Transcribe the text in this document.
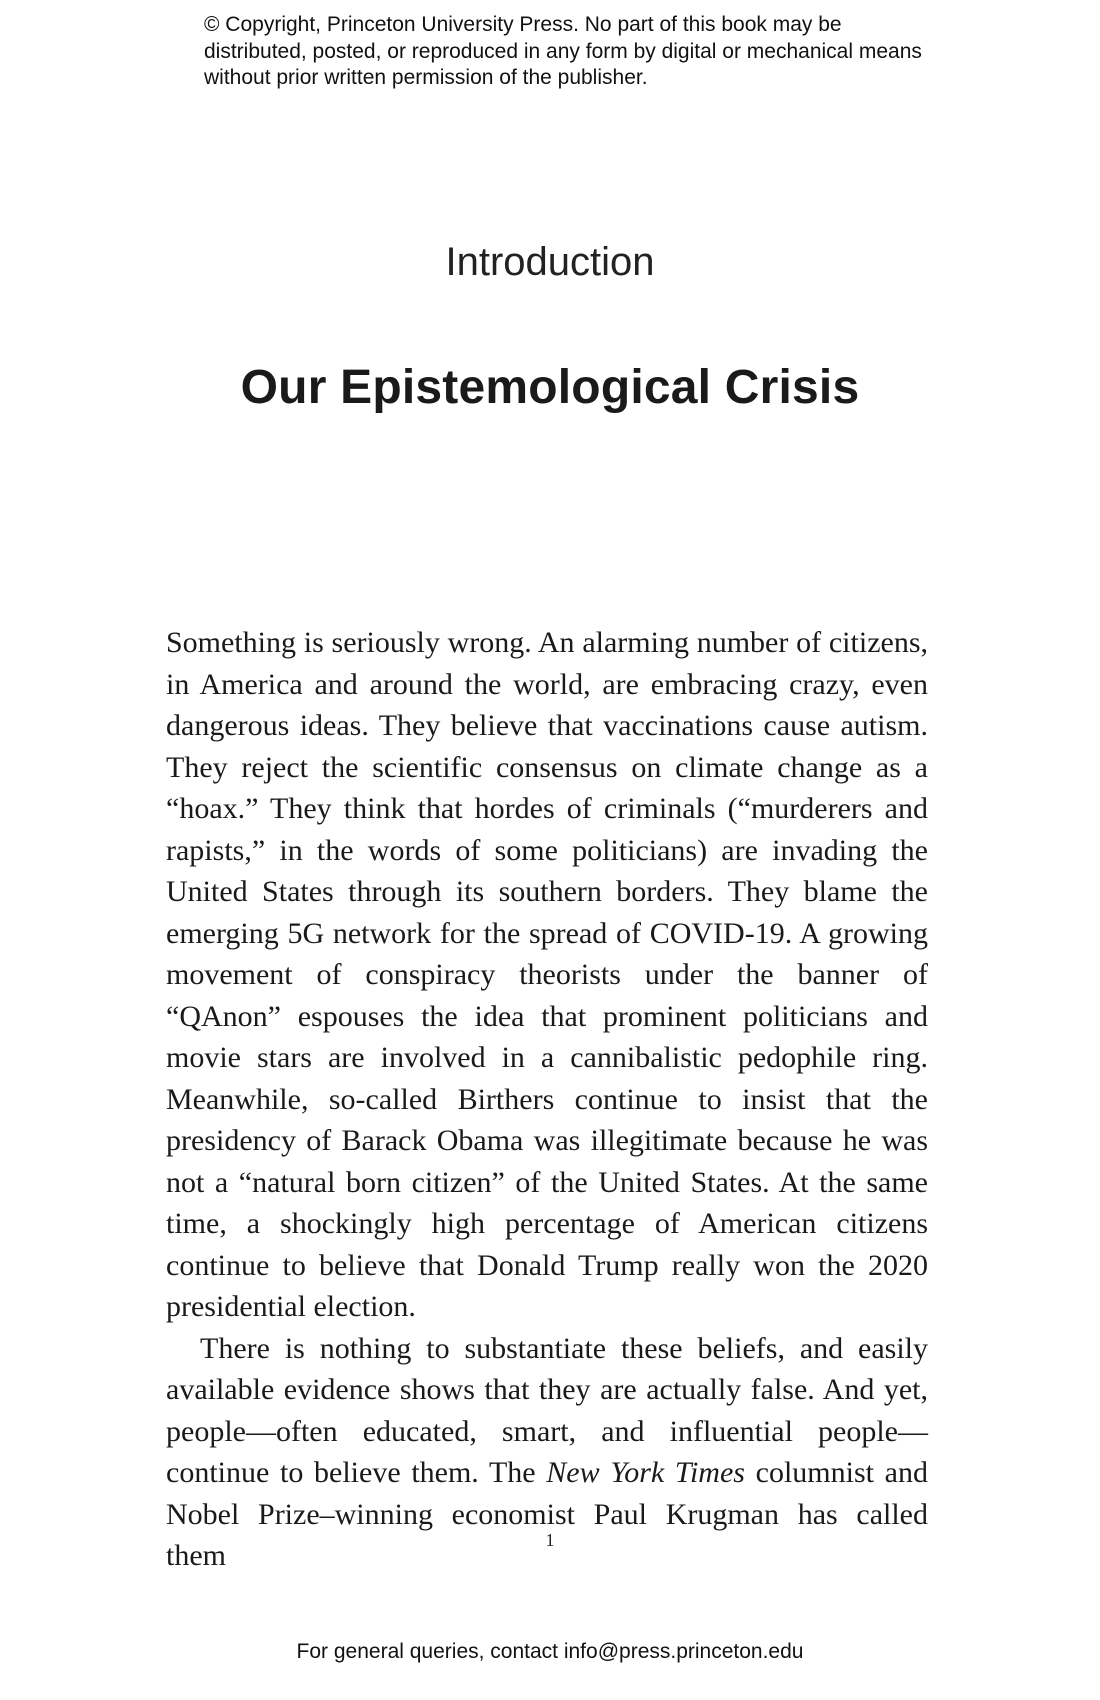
© Copyright, Princeton University Press. No part of this book may be distributed, posted, or reproduced in any form by digital or mechanical means without prior written permission of the publisher.

Introduction
Our Epistemological Crisis

Something is seriously wrong. An alarming number of citizens, in America and around the world, are embracing crazy, even dangerous ideas. They believe that vaccinations cause autism. They reject the scientific consensus on climate change as a “hoax.” They think that hordes of criminals (“murderers and rapists,” in the words of some politicians) are invading the United States through its southern borders. They blame the emerging 5G network for the spread of COVID-19. A growing movement of conspiracy theorists under the banner of “QAnon” espouses the idea that prominent politicians and movie stars are involved in a cannibalistic pedophile ring. Meanwhile, so-called Birthers continue to insist that the presidency of Barack Obama was illegitimate because he was not a “natural born citizen” of the United States. At the same time, a shockingly high percentage of American citizens continue to believe that Donald Trump really won the 2020 presidential election.

There is nothing to substantiate these beliefs, and easily available evidence shows that they are actually false. And yet, people—often educated, smart, and influential people—continue to believe them. The New York Times columnist and Nobel Prize–winning economist Paul Krugman has called them	1
For general queries, contact info@press.princeton.edu
